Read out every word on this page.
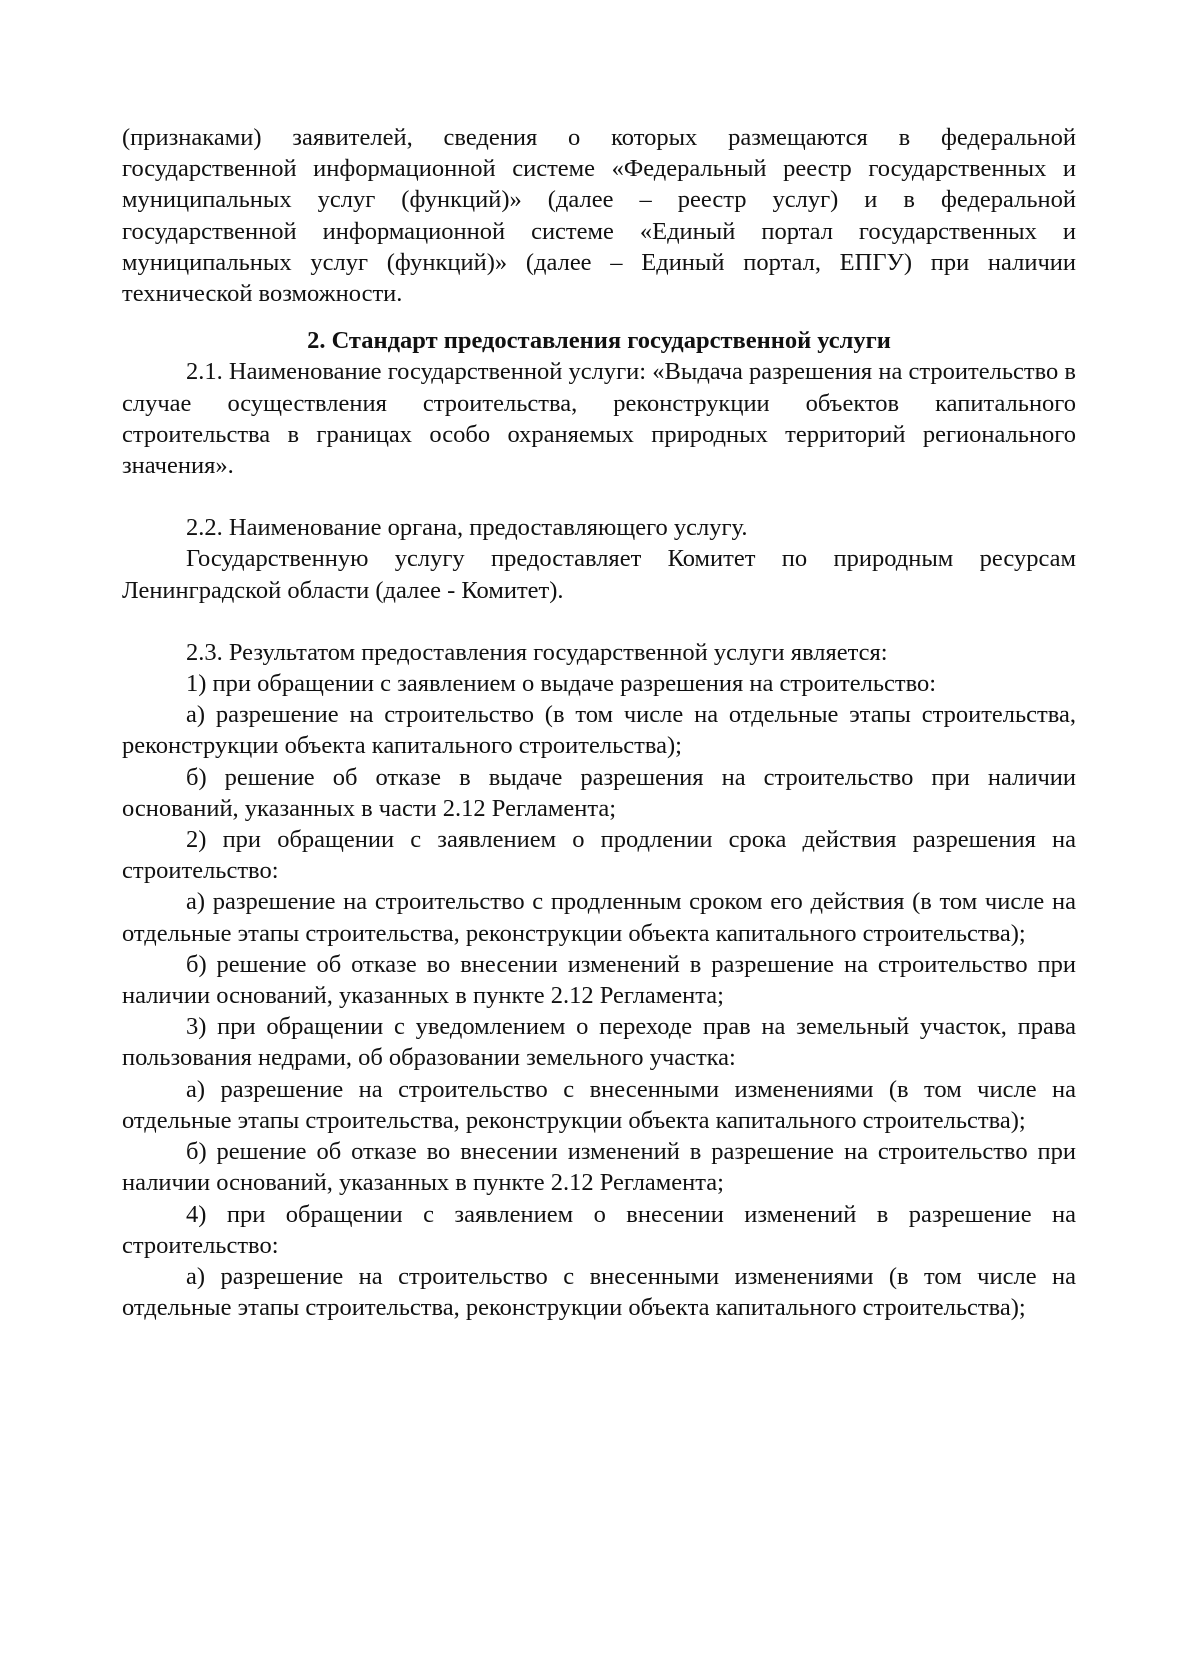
(признаками) заявителей, сведения о которых размещаются в федеральной государственной информационной системе «Федеральный реестр государственных и муниципальных услуг (функций)» (далее – реестр услуг) и в федеральной государственной информационной системе «Единый портал государственных и муниципальных услуг (функций)» (далее – Единый портал, ЕПГУ) при наличии технической возможности.

2. Стандарт предоставления государственной услуги

2.1. Наименование государственной услуги: «Выдача разрешения на строительство в случае осуществления строительства, реконструкции объектов капитального строительства в границах особо охраняемых природных территорий регионального значения».

2.2. Наименование органа, предоставляющего услугу.

Государственную услугу предоставляет Комитет по природным ресурсам Ленинградской области (далее - Комитет).

2.3. Результатом предоставления государственной услуги является:

1) при обращении с заявлением о выдаче разрешения на строительство:

а) разрешение на строительство (в том числе на отдельные этапы строительства, реконструкции объекта капитального строительства);

б) решение об отказе в выдаче разрешения на строительство при наличии оснований, указанных в части 2.12 Регламента;

2) при обращении с заявлением о продлении срока действия разрешения на строительство:

а) разрешение на строительство с продленным сроком его действия (в том числе на отдельные этапы строительства, реконструкции объекта капитального строительства);

б) решение об отказе во внесении изменений в разрешение на строительство при наличии оснований, указанных в пункте 2.12 Регламента;

3) при обращении с уведомлением о переходе прав на земельный участок, права пользования недрами, об образовании земельного участка:

а) разрешение на строительство с внесенными изменениями (в том числе на отдельные этапы строительства, реконструкции объекта капитального строительства);

б) решение об отказе во внесении изменений в разрешение на строительство при наличии оснований, указанных в пункте 2.12 Регламента;

4) при обращении с заявлением о внесении изменений в разрешение на строительство:

а) разрешение на строительство с внесенными изменениями (в том числе на отдельные этапы строительства, реконструкции объекта капитального строительства);
